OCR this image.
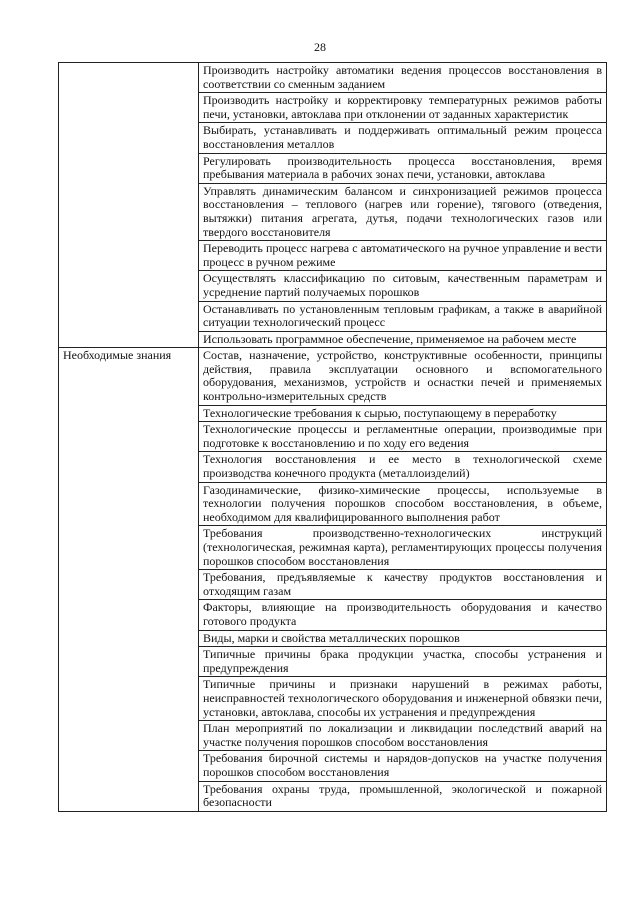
28
	Производить настройку автоматики ведения процессов восстановления в соответствии со сменным заданием
	Производить настройку и корректировку температурных режимов работы печи, установки, автоклава при отклонении от заданных характеристик
	Выбирать, устанавливать и поддерживать оптимальный режим процесса восстановления металлов
	Регулировать производительность процесса восстановления, время пребывания материала в рабочих зонах печи, установки, автоклава
	Управлять динамическим балансом и синхронизацией режимов процесса восстановления – теплового (нагрев или горение), тягового (отведения, вытяжки) питания агрегата, дутья, подачи технологических газов или твердого восстановителя
	Переводить процесс нагрева с автоматического на ручное управление и вести процесс в ручном режиме
	Осуществлять классификацию по ситовым, качественным параметрам и усреднение партий получаемых порошков
	Останавливать по установленным тепловым графикам, а также в аварийной ситуации технологический процесс
	Использовать программное обеспечение, применяемое на рабочем месте
Необходимые знания	Состав, назначение, устройство, конструктивные особенности, принципы действия, правила эксплуатации основного и вспомогательного оборудования, механизмов, устройств и оснастки печей и применяемых контрольно-измерительных средств
	Технологические требования к сырью, поступающему в переработку
	Технологические процессы и регламентные операции, производимые при подготовке к восстановлению и по ходу его ведения
	Технология восстановления и ее место в технологической схеме производства конечного продукта (металлоизделий)
	Газодинамические, физико-химические процессы, используемые в технологии получения порошков способом восстановления, в объеме, необходимом для квалифицированного выполнения работ
	Требования производственно-технологических инструкций (технологическая, режимная карта), регламентирующих процессы получения порошков способом восстановления
	Требования, предъявляемые к качеству продуктов восстановления и отходящим газам
	Факторы, влияющие на производительность оборудования и качество готового продукта
	Виды, марки и свойства металлических порошков
	Типичные причины брака продукции участка, способы устранения и предупреждения
	Типичные причины и признаки нарушений в режимах работы, неисправностей технологического оборудования и инженерной обвязки печи, установки, автоклава, способы их устранения и предупреждения
	План мероприятий по локализации и ликвидации последствий аварий на участке получения порошков способом восстановления
	Требования бирочной системы и нарядов-допусков на участке получения порошков способом восстановления
	Требования охраны труда, промышленной, экологической и пожарной безопасности
